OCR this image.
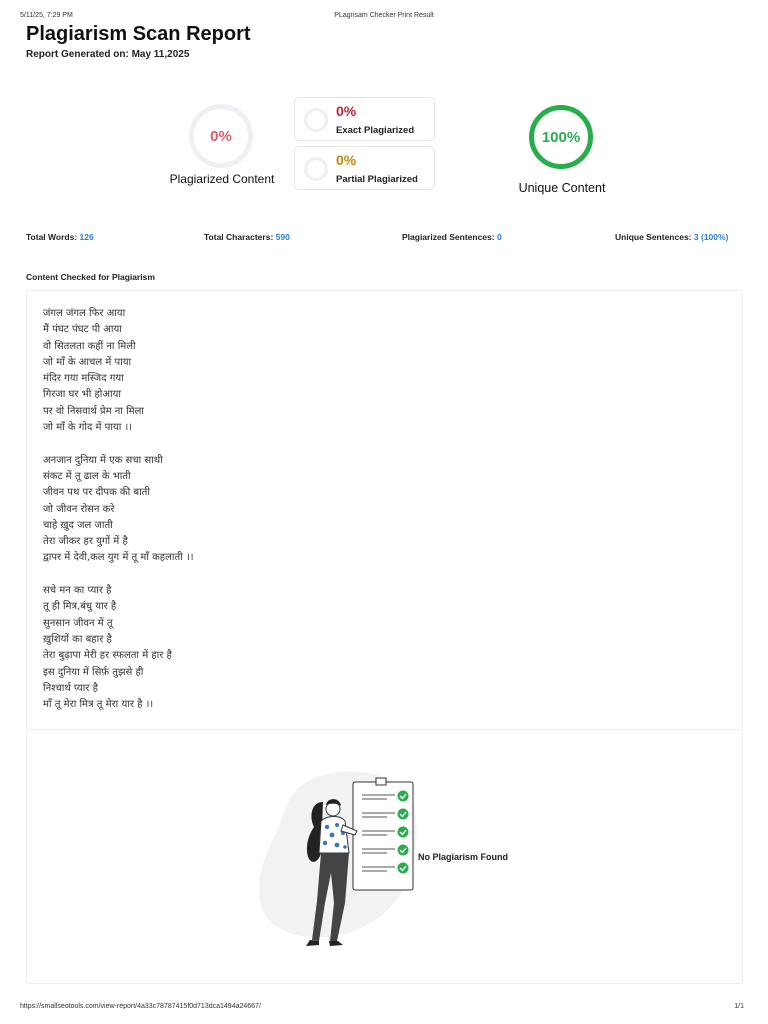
5/11/25, 7:29 PM	PLagrisam Checker Print Result
Plagiarism Scan Report
Report Generated on: May 11,2025
0%
Plagiarized Content
0%
Exact Plagiarized
0%
Partial Plagiarized
100%
Unique Content
Total Words: 126	Total Characters: 590	Plagiarized Sentences: 0	Unique Sentences: 3 (100%)
Content Checked for Plagiarism
जंगल जंगल फिर आया
मैं पंघट पंघट पी आया
वो सितलता कहीं ना मिली
जो माँ के आचल में पाया
मंदिर गया मस्जिद गया
गिरजा घर भी होआया
पर वो निसवार्थ प्रेम ना मिला
जो माँ के गोद में पाया ।।
अनजान दुनिया में एक सचा साथी
संकट में तू ढाल के भाती
जीवन पथ पर दीपक की बाती
जो जीवन रोसन करे
चाहे ख़ुद जल जाती
तेरा जीकर हर युगों में है
द्वापर में देवी,कल युग में तू माँ कहलाती ।।
सचे मन का प्यार है
तू ही मित्र,बंधु यार है
सुनसान जीवन में तू
ख़ुशियों का बहार है
तेरा बुढ़ापा मेरी हर स्फलता में हार है
इस दुनिया में सिर्फ़ तुझसे ही
निश्चार्थ प्यार है
माँ तू मेरा मित्र तू मेरा यार है ।।
No Plagiarism Found
https://smallseotools.com/view-report/4a33c78787415f0d713dca1494a24667/	1/1
